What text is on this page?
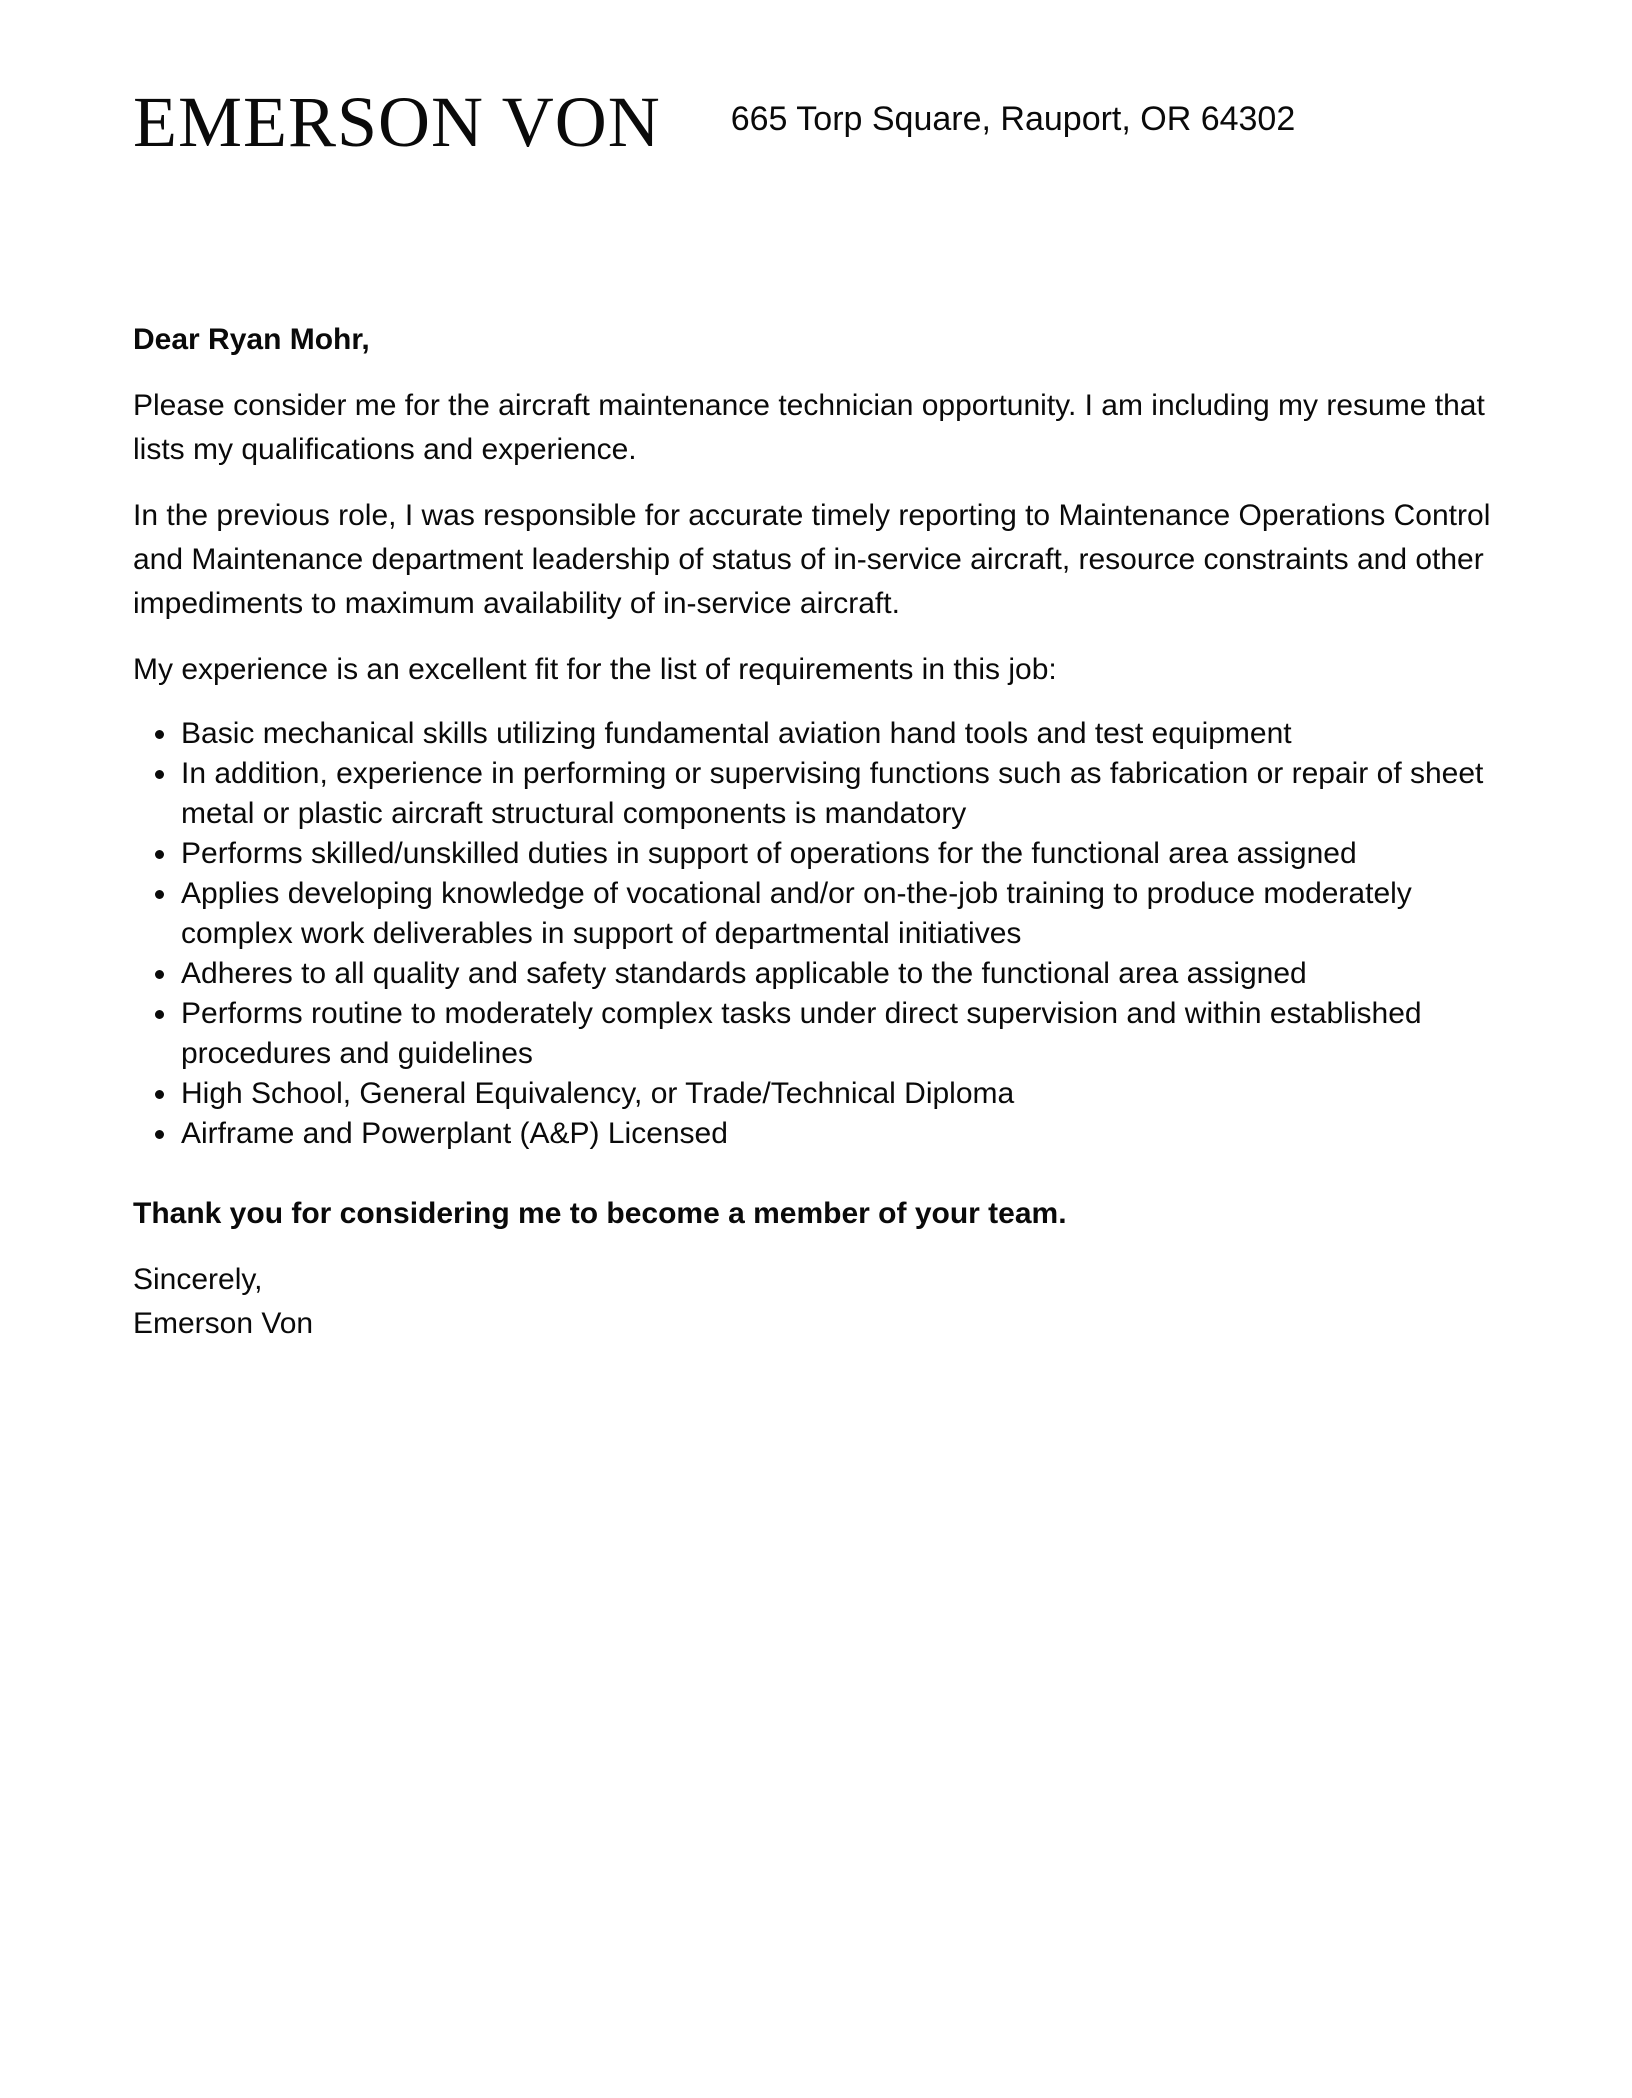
EMERSON VON 665 Torp Square, Rauport, OR 64302

Dear Ryan Mohr,

Please consider me for the aircraft maintenance technician opportunity. I am including my resume that lists my qualifications and experience.

In the previous role, I was responsible for accurate timely reporting to Maintenance Operations Control and Maintenance department leadership of status of in-service aircraft, resource constraints and other impediments to maximum availability of in-service aircraft.

My experience is an excellent fit for the list of requirements in this job:

Basic mechanical skills utilizing fundamental aviation hand tools and test equipment
In addition, experience in performing or supervising functions such as fabrication or repair of sheet metal or plastic aircraft structural components is mandatory
Performs skilled/unskilled duties in support of operations for the functional area assigned
Applies developing knowledge of vocational and/or on-the-job training to produce moderately complex work deliverables in support of departmental initiatives
Adheres to all quality and safety standards applicable to the functional area assigned
Performs routine to moderately complex tasks under direct supervision and within established procedures and guidelines
High School, General Equivalency, or Trade/Technical Diploma
Airframe and Powerplant (A&P) Licensed

Thank you for considering me to become a member of your team.

Sincerely,

Emerson Von
